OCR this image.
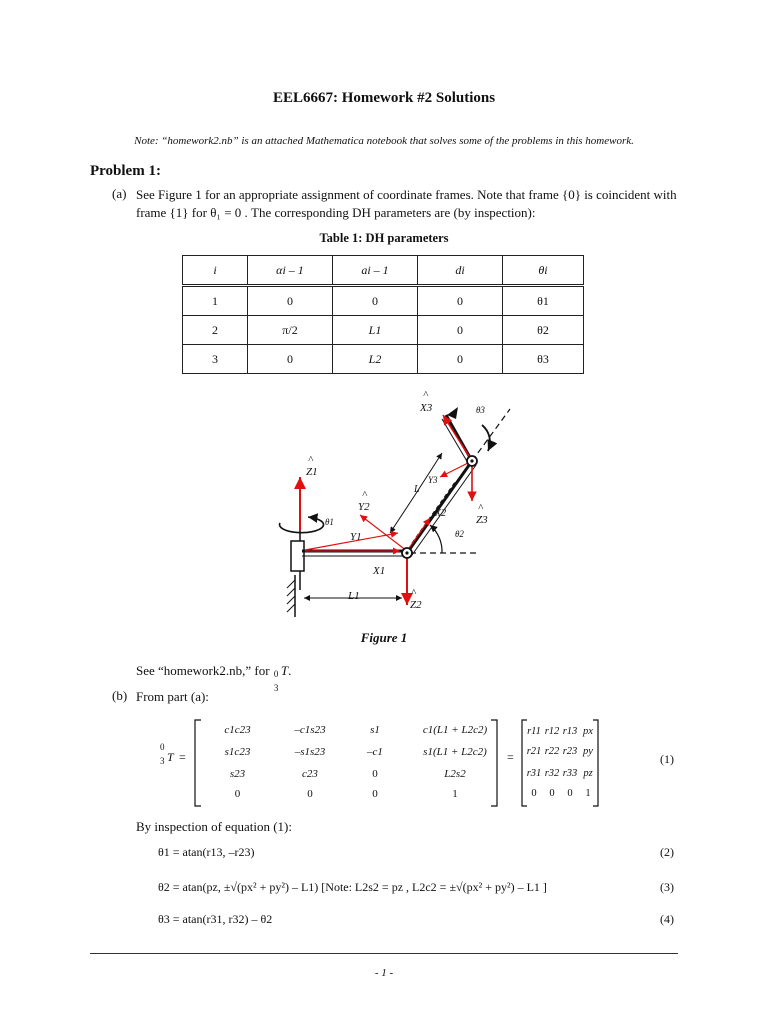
EEL6667: Homework #2 Solutions
Note: “homework2.nb” is an attached Mathematica notebook that solves some of the problems in this homework.
Problem 1:
(a) See Figure 1 for an appropriate assignment of coordinate frames. Note that frame {0} is coincident with
frame {1} for θ₁ = 0 . The corresponding DH parameters are (by inspection):
Table 1: DH parameters
i	αi – 1	ai – 1	di	θi
1	0	0	0	θ1
2	π/2	L1	0	θ2
3	0	L2	0	θ3
^
X3	θ3
^
Z1
Y3
L
^
Y2
X2	^
Z3
θ1
Y1	θ2
X1
L1	^
Z2
Figure 1
See “homework2.nb,” for 0
3
T.
(b) From part (a):
0
3 T =
c1c23	–c1s23	s1	c1(L1 + L2c2)
s1c23	–s1s23	–c1	s1(L1 + L2c2)
s23	c23	0	L2s2
0	0	0	1
=
r11 r12 r13 px
r21 r22 r23 py
r31 r32 r33 pz
0	0	0	1
(1)
By inspection of equation (1):
θ1 = atan(r13, –r23)	(2)
θ2 = atan(pz, ±√(px² + py²) – L1) [Note: L2s2 = pz , L2c2 = ±√(px² + py²) – L1 ]	(3)
θ3 = atan(r31, r32) – θ2	(4)
- 1 -
